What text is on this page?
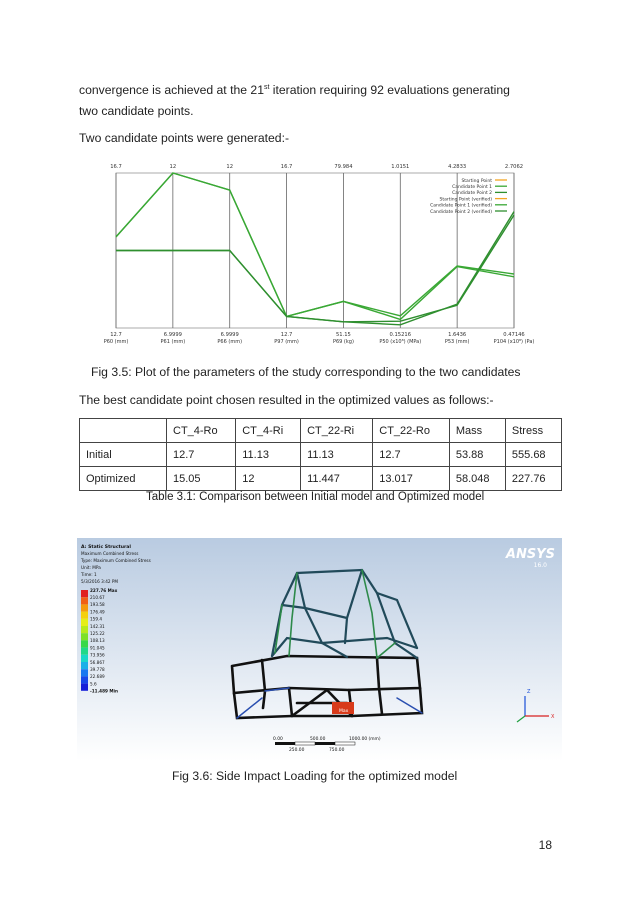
convergence is achieved at the 21st iteration requiring 92 evaluations generating
two candidate points.
Two candidate points were generated:-
16.7
12.7
P60 (mm)
12
6.9999
P61 (mm)
12
6.9999
P66 (mm)
16.7
12.7
P97 (mm)
79.984
51.15
P69 (kg)
1.0151
0.15216
P50 (x10⁸) (MPa)
4.2833
1.6436
P53 (mm)
2.7062
0.47146
P104 (x10⁸) (Pa)
Starting Point
Candidate Point 1
Candidate Point 2
Starting Point (verified)
Candidate Point 1 (verified)
Candidate Point 2 (verified)
Fig 3.5: Plot of the parameters of the study corresponding to the two candidates
The best candidate point chosen resulted in the optimized values as follows:-
	CT_4-Ro	CT_4-Ri	CT_22-Ri	CT_22-Ro	Mass	Stress
Initial	12.7	11.13	11.13	12.7	53.88	555.68
Optimized	15.05	12	11.447	13.017	58.048	227.76
Table 3.1: Comparison between Initial model and Optimized model
A: Static Structural
Maximum Combined Stress
Type: Maximum Combined Stress
Unit: MPa
Time: 1
5/3/2016 3:42 PM
227.76 Max
210.67
193.58
176.49
159.4
142.31
125.22
108.13
91.045
73.956
56.867
39.778
22.689
5.6
-11.489 Min
ANSYS
16.0
Max
0.00	500.00	1000.00 (mm)
250.00	750.00
Z
X
Fig 3.6: Side Impact Loading for the optimized model
18
